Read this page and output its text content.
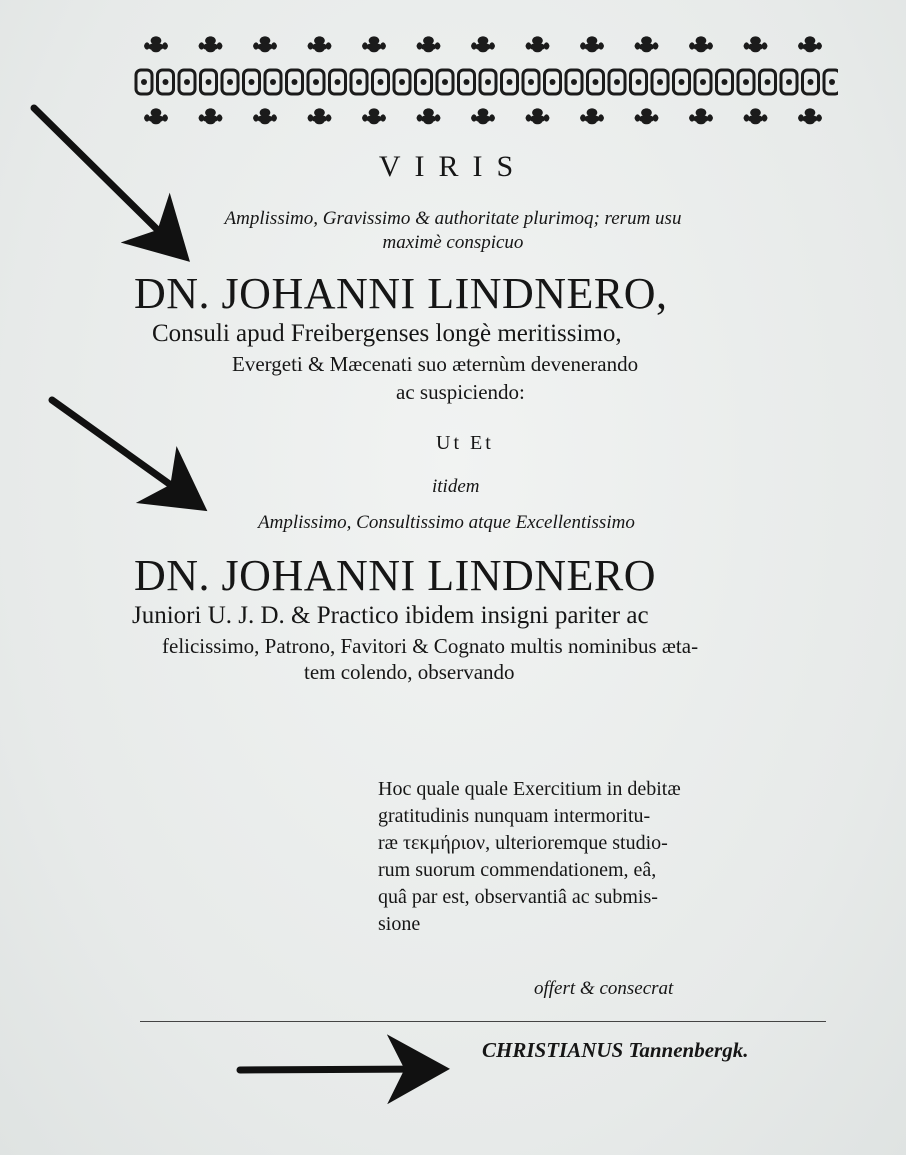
VIRIS
Amplissimo, Gravissimo & authoritate plurimoq; rerum usu
maximè conspicuo
DN. JOHANNI LINDNERO,
Consuli apud Freibergenses longè meritissimo,
Evergeti & Mæcenati suo æternùm devenerando
ac suspiciendo:
Ut Et
itidem
Amplissimo, Consultissimo atque Excellentissimo
DN. JOHANNI LINDNERO
Juniori U. J. D. & Practico ibidem insigni pariter ac
felicissimo, Patrono, Favitori & Cognato multis nominibus æta-
tem colendo, observando
Hoc quale quale Exercitium in debitæ
gratitudinis nunquam intermoritu-
ræ τεκμήριον, ulterioremque studio-
rum suorum commendationem, eâ,
quâ par est, observantiâ ac submis-
sione
offert & consecrat
CHRISTIANUS Tannenbergk.
